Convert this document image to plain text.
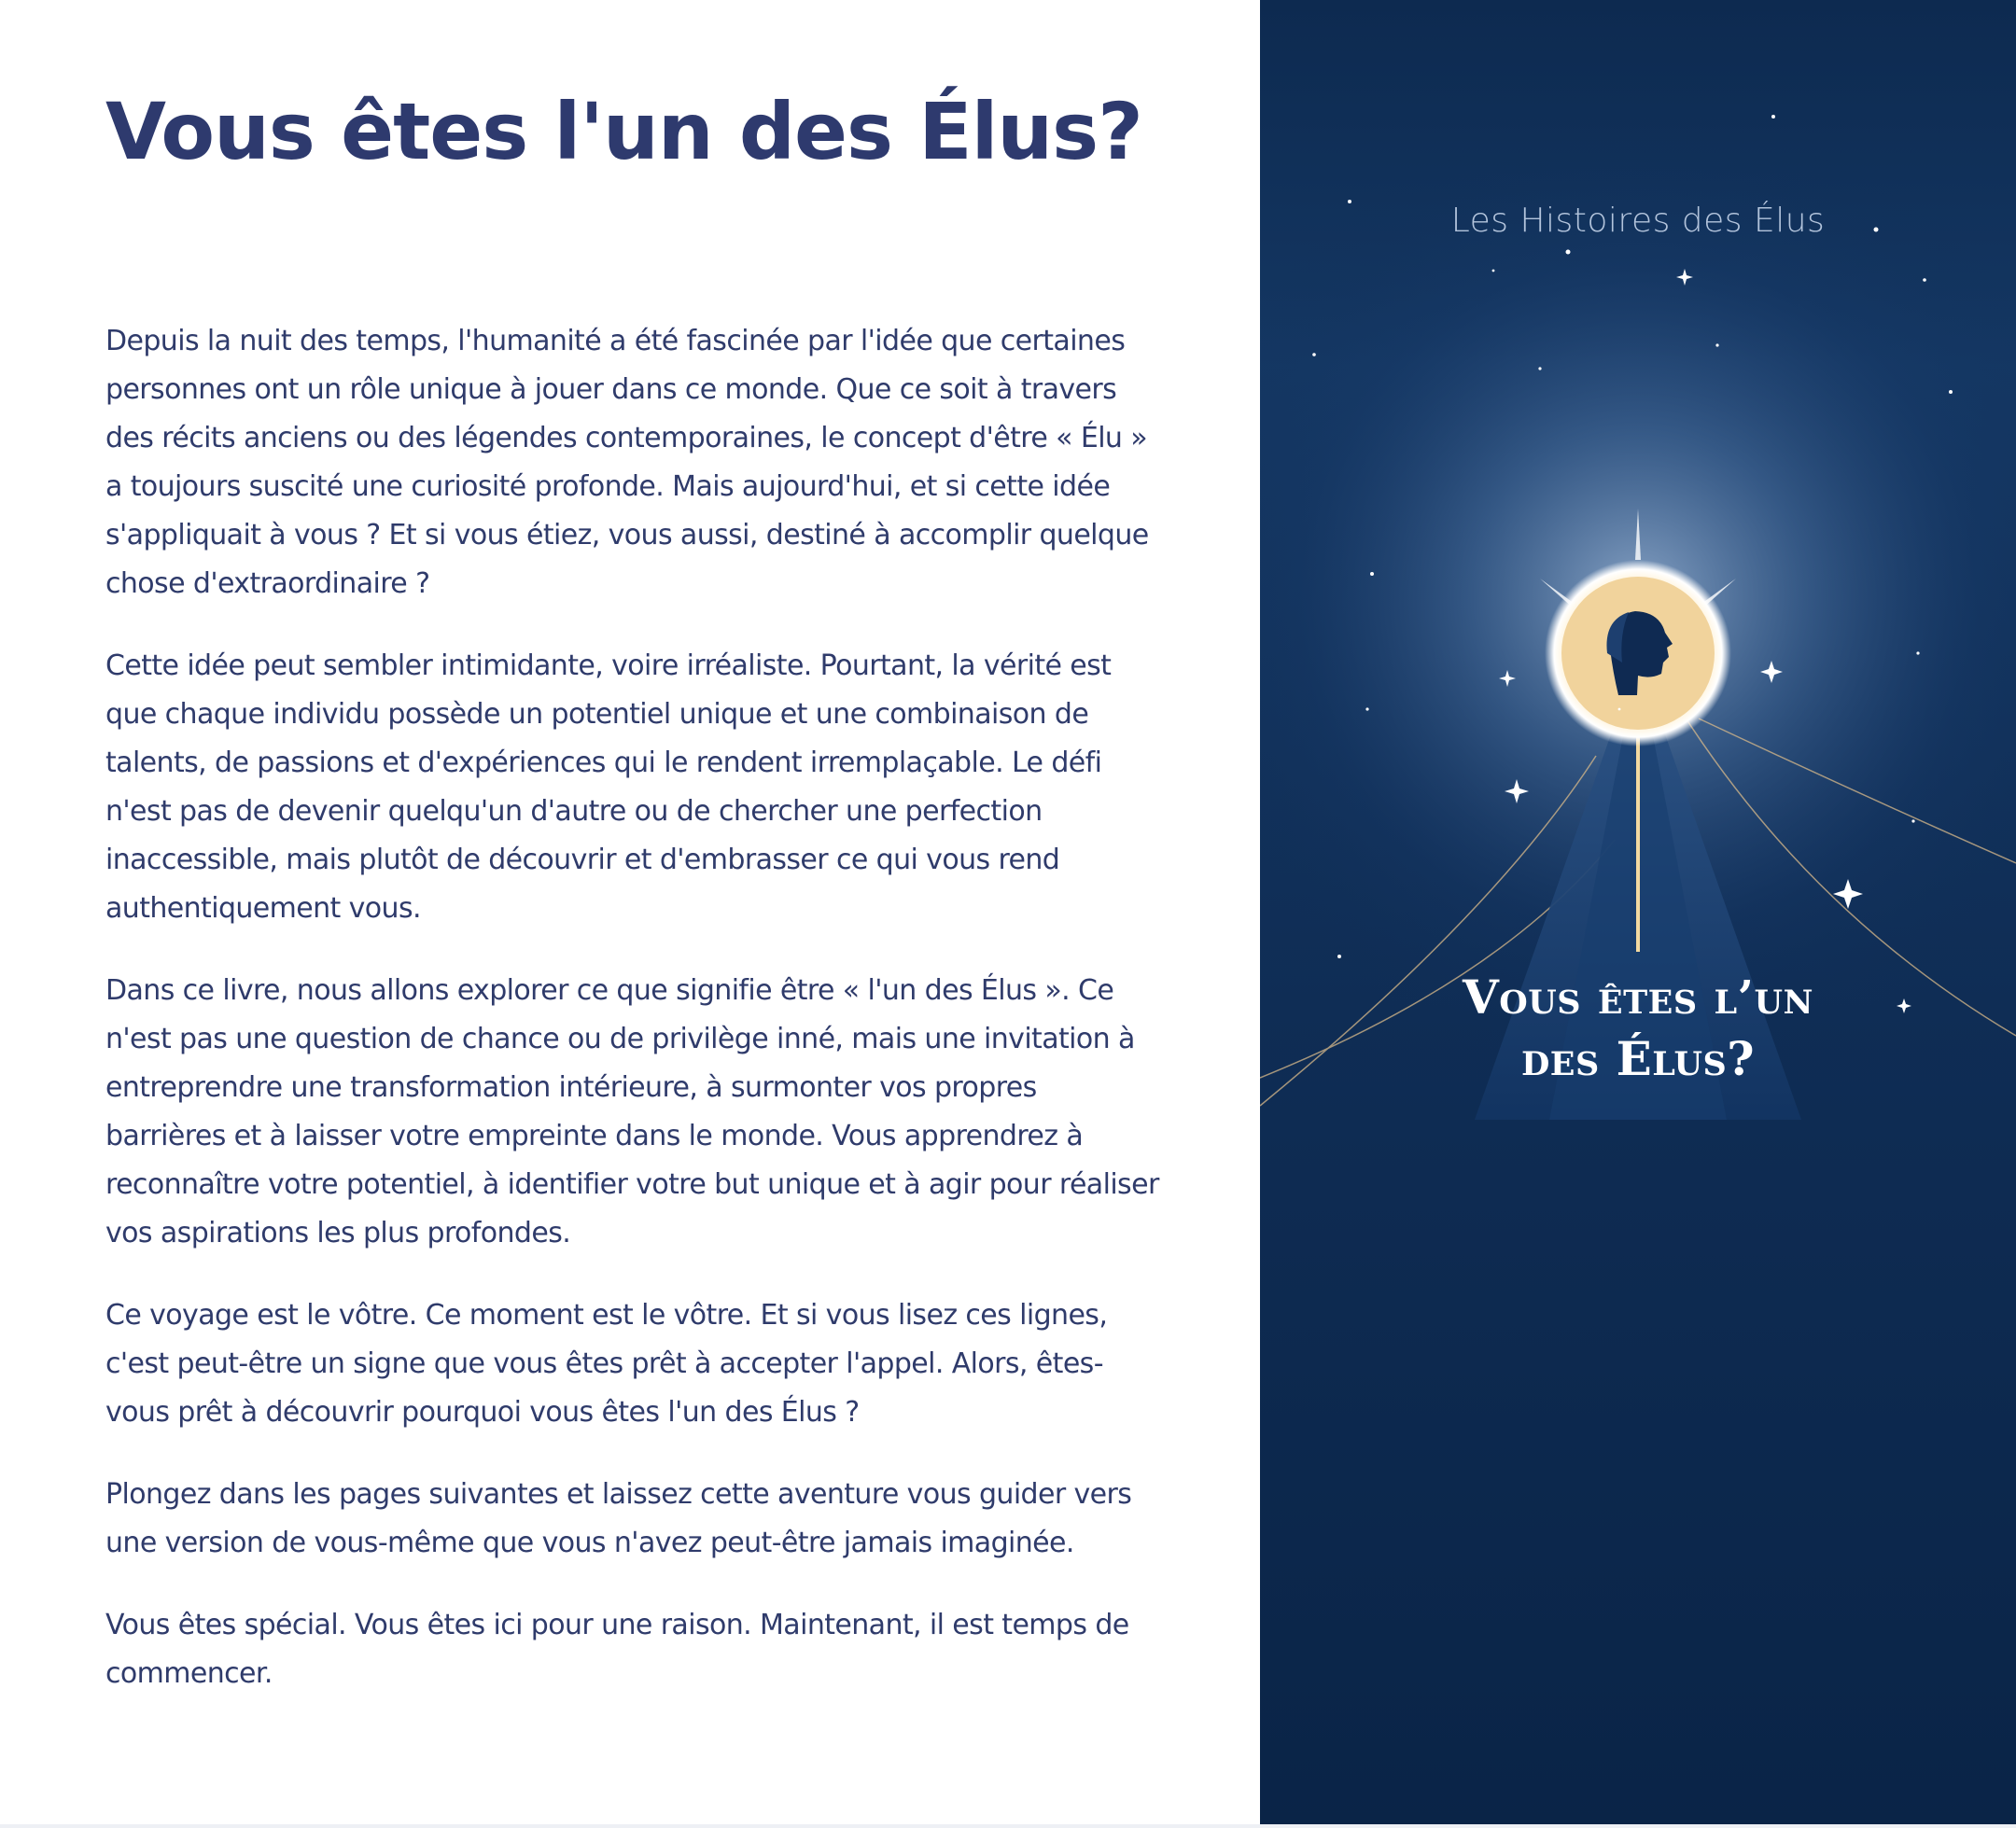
Vous êtes l'un des Élus?

Depuis la nuit des temps, l'humanité a été fascinée par l'idée que certaines personnes ont un rôle unique à jouer dans ce monde. Que ce soit à travers des récits anciens ou des légendes contemporaines, le concept d'être « Élu » a toujours suscité une curiosité profonde. Mais aujourd'hui, et si cette idée s'appliquait à vous ? Et si vous étiez, vous aussi, destiné à accomplir quelque chose d'extraordinaire ?

Cette idée peut sembler intimidante, voire irréaliste. Pourtant, la vérité est que chaque individu possède un potentiel unique et une combinaison de talents, de passions et d'expériences qui le rendent irremplaçable. Le défi n'est pas de devenir quelqu'un d'autre ou de chercher une perfection inaccessible, mais plutôt de découvrir et d'embrasser ce qui vous rend authentiquement vous.

Dans ce livre, nous allons explorer ce que signifie être « l'un des Élus ». Ce n'est pas une question de chance ou de privilège inné, mais une invitation à entreprendre une transformation intérieure, à surmonter vos propres barrières et à laisser votre empreinte dans le monde. Vous apprendrez à reconnaître votre potentiel, à identifier votre but unique et à agir pour réaliser vos aspirations les plus profondes.

Ce voyage est le vôtre. Ce moment est le vôtre. Et si vous lisez ces lignes, c'est peut-être un signe que vous êtes prêt à accepter l'appel. Alors, êtes-vous prêt à découvrir pourquoi vous êtes l'un des Élus ?

Plongez dans les pages suivantes et laissez cette aventure vous guider vers une version de vous-même que vous n'avez peut-être jamais imaginée.

Vous êtes spécial. Vous êtes ici pour une raison. Maintenant, il est temps de commencer.

Les Histoires des Élus
Vous êtes l’un
des Élus?
